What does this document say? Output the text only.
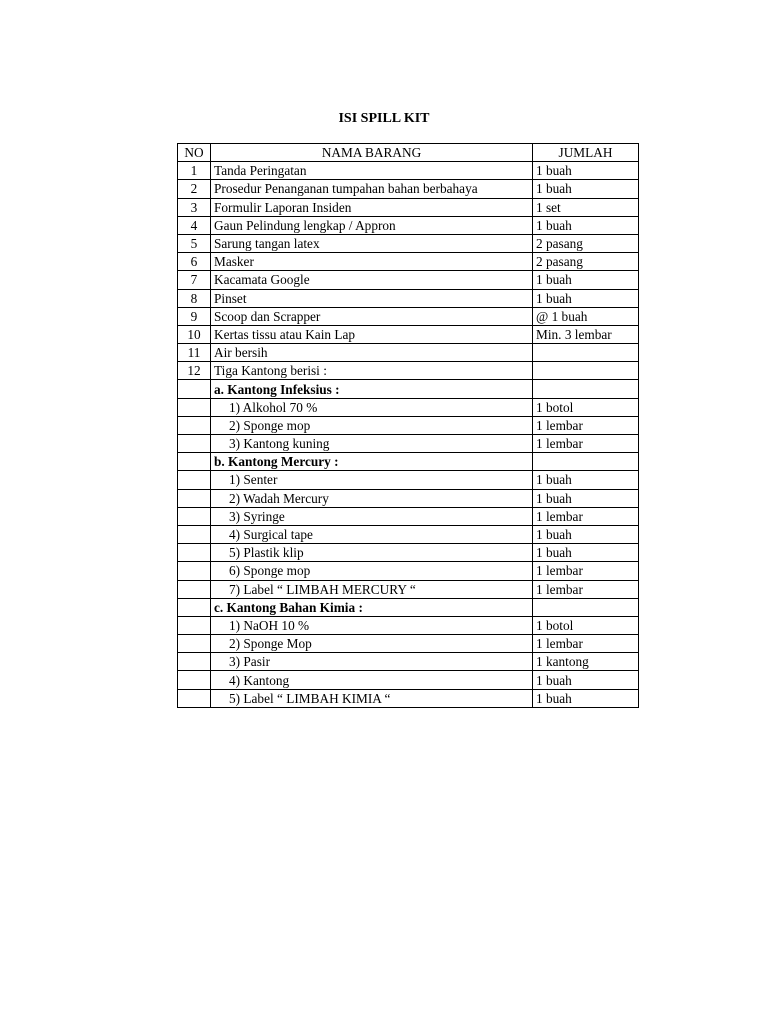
ISI SPILL KIT
NO	NAMA BARANG	JUMLAH
1	Tanda Peringatan	1 buah
2	Prosedur Penanganan tumpahan bahan berbahaya	1 buah
3	Formulir Laporan Insiden	1 set
4	Gaun Pelindung lengkap / Appron	1 buah
5	Sarung tangan latex	2 pasang
6	Masker	2 pasang
7	Kacamata Google	1 buah
8	Pinset	1 buah
9	Scoop dan Scrapper	@ 1 buah
10	Kertas tissu atau Kain Lap	Min. 3 lembar
11	Air bersih	
12	Tiga Kantong berisi :	
	a. Kantong Infeksius :	
	1) Alkohol 70 %	1 botol
	2) Sponge mop	1 lembar
	3) Kantong kuning	1 lembar
	b. Kantong Mercury :	
	1) Senter	1 buah
	2) Wadah Mercury	1 buah
	3) Syringe	1 lembar
	4) Surgical tape	1 buah
	5) Plastik klip	1 buah
	6) Sponge mop	1 lembar
	7) Label “ LIMBAH MERCURY “	1 lembar
	c. Kantong Bahan Kimia :	
	1) NaOH 10 %	1 botol
	2) Sponge Mop	1 lembar
	3) Pasir	1 kantong
	4) Kantong	1 buah
	5) Label “ LIMBAH KIMIA “	1 buah
